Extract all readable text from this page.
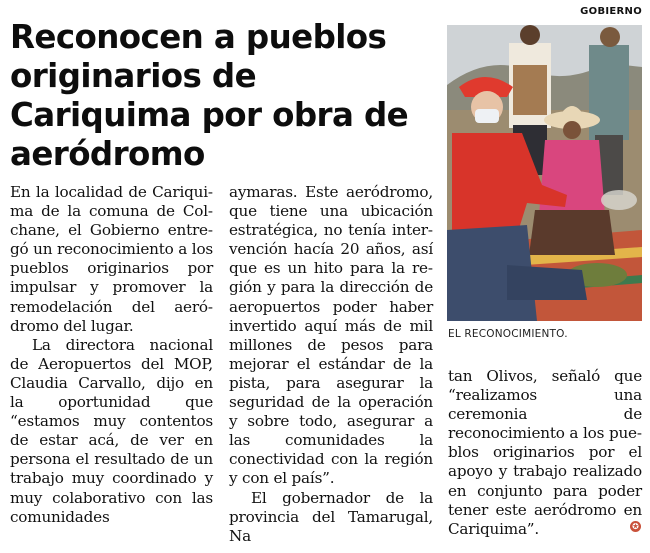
GOBIERNO
Reconocen a pueblos originarios de Cariquima por obra de aeródromo

En la localidad de Cariquima de la comuna de Colchane, el Gobierno entregó un reconocimiento a los pueblos originarios por impulsar y promover la remodelación del aeródromo del lugar.

La directora nacional de Aeropuertos del MOP, Claudia Carvallo, dijo en la oportunidad que “estamos muy contentos de estar acá, de ver en persona el resultado de un trabajo muy coordinado y muy colaborativo con las comunidades

aymaras. Este aeródromo, que tiene una ubicación estratégica, no tenía intervención hacía 20 años, así que es un hito para la región y para la dirección de aeropuertos poder haber invertido aquí más de mil millones de pesos para mejorar el estándar de la pista, para asegurar la seguridad de la operación y sobre todo, asegurar a las comunidades la conectividad con la región y con el país”.

El gobernador de la provincia del Tamarugal, Na

EL RECONOCIMIENTO.

tan Olivos, señaló que “realizamos una ceremonia de reconocimiento a los pueblos originarios por el apoyo y trabajo realizado en conjunto para poder tener este aeródromo en Cariquima”.	✪
